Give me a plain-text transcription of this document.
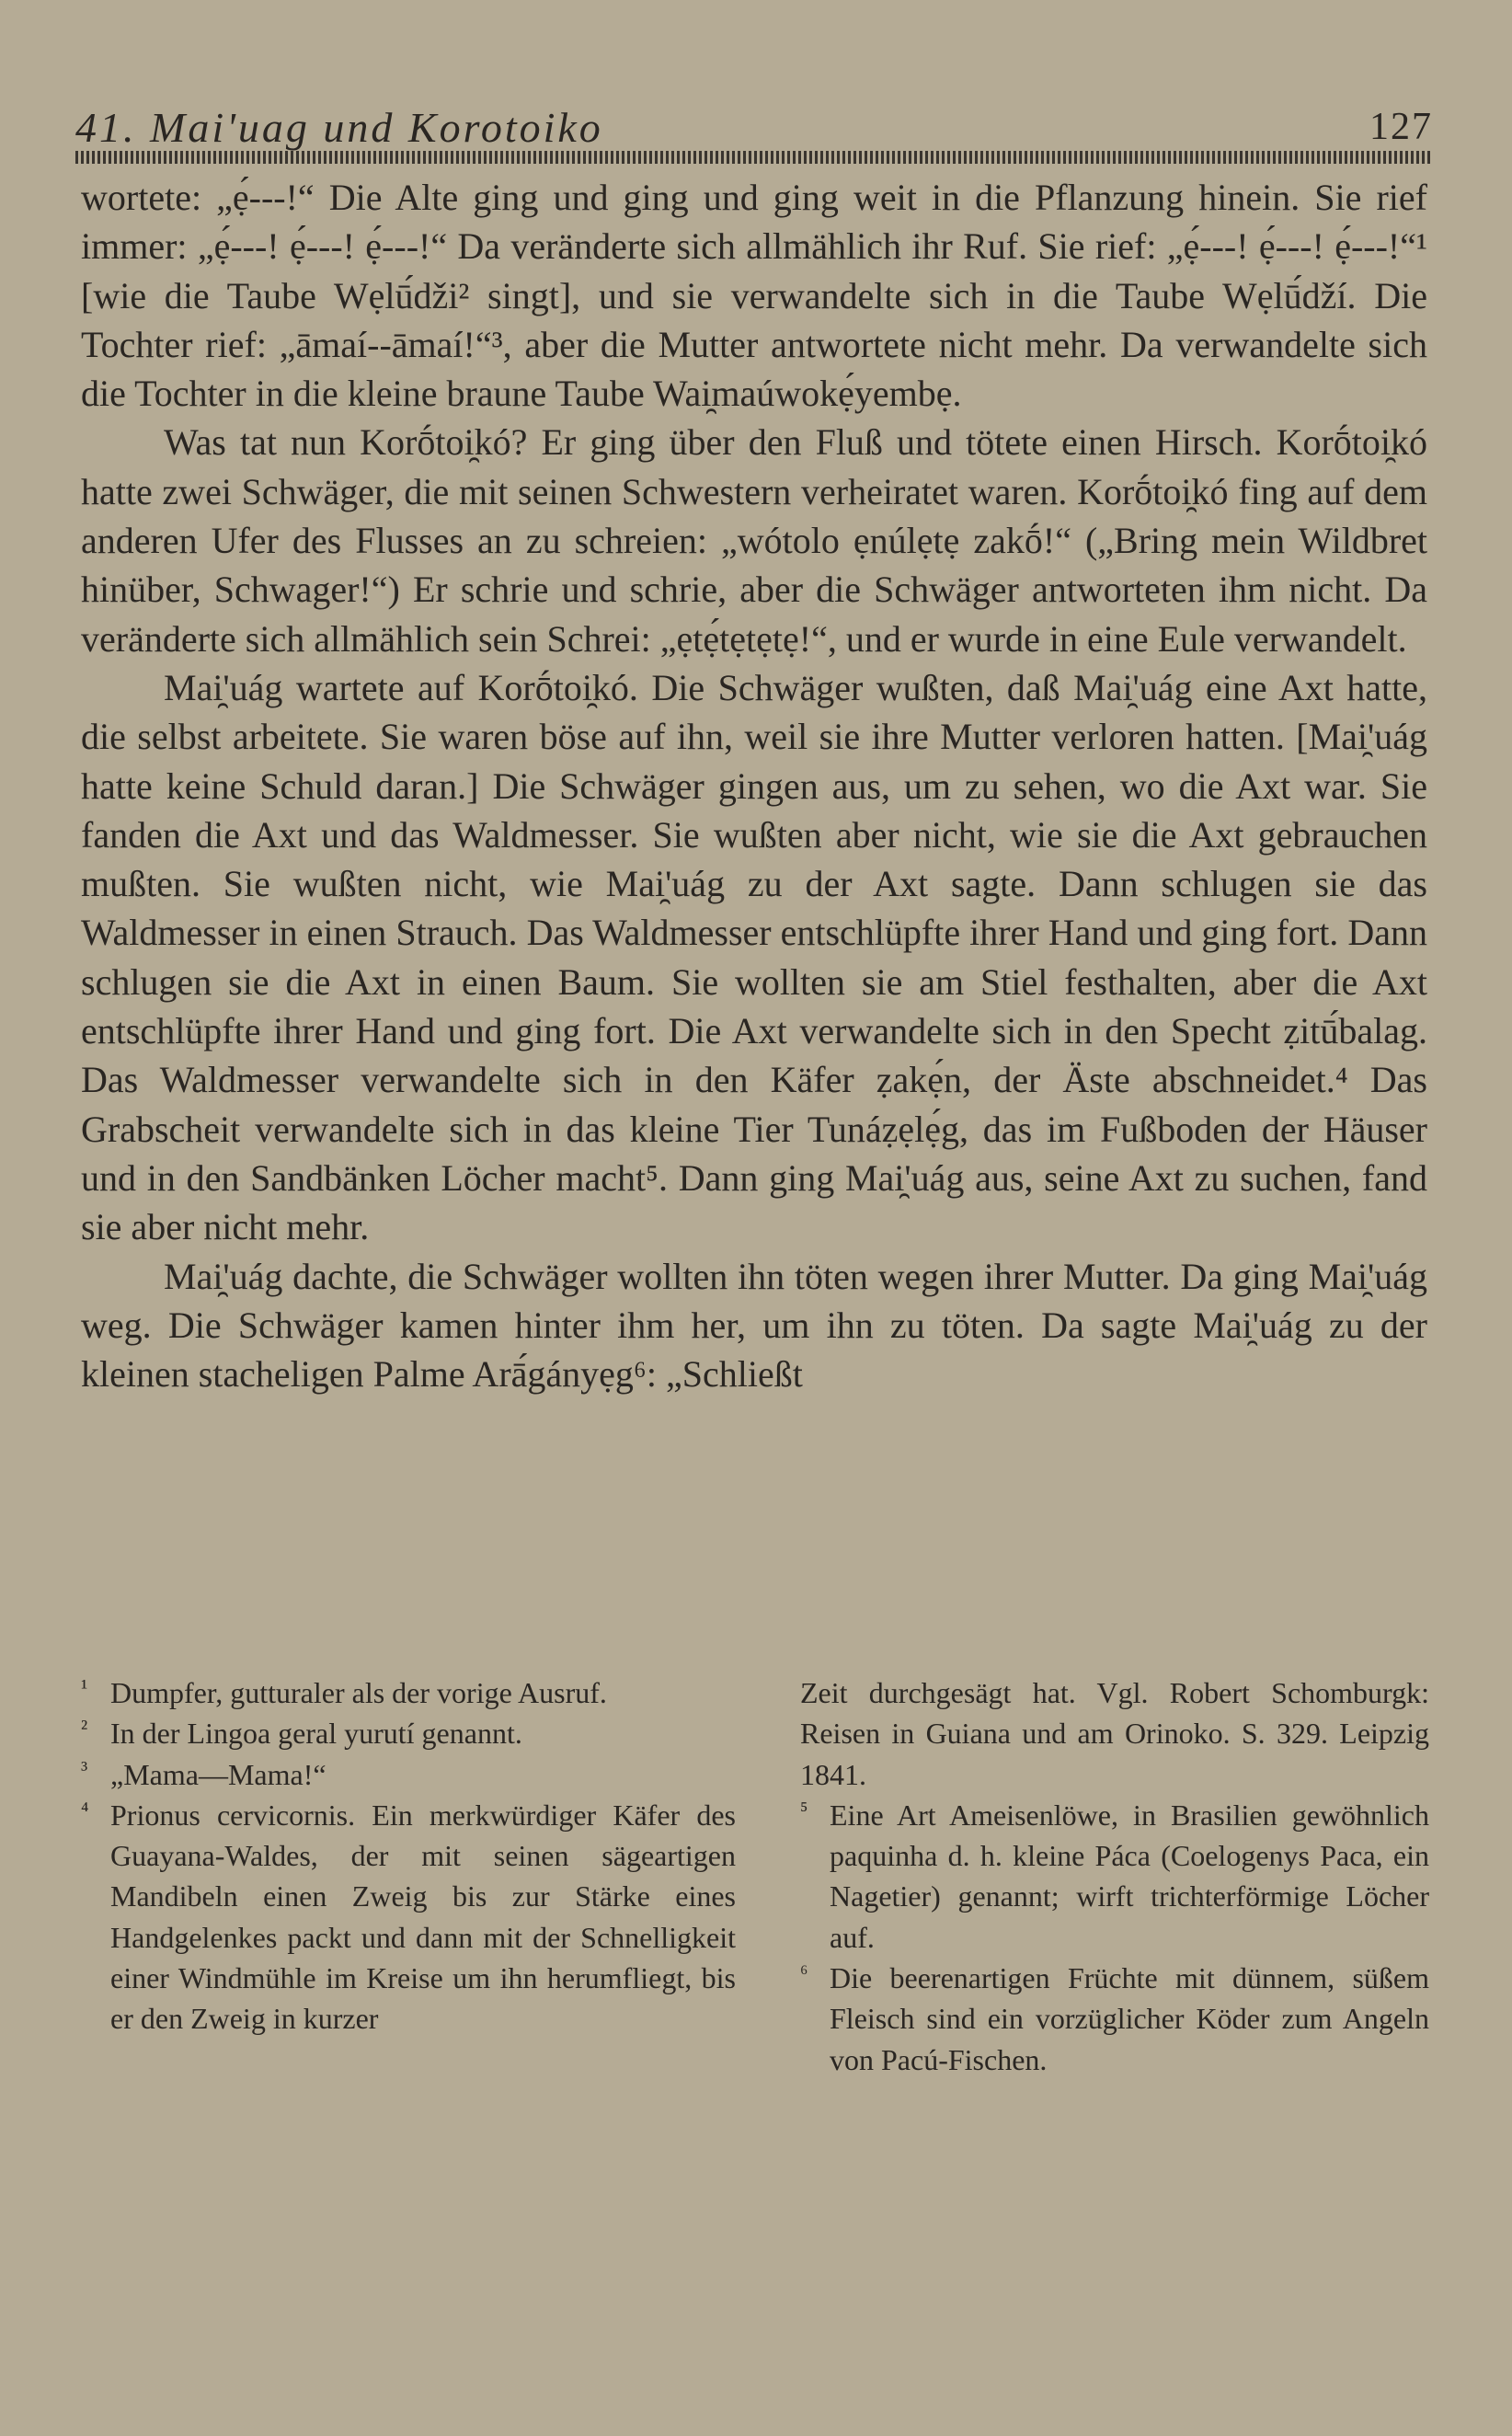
41. Mai'uag und Korotoiko	127

wortete: „ẹ́---!“ Die Alte ging und ging und ging weit in die Pflanzung hinein. Sie rief immer: „ẹ́---! ẹ́---! ẹ́---!“ Da veränderte sich allmählich ihr Ruf. Sie rief: „ẹ́---! ẹ́---! ẹ́---!“¹ [wie die Taube Wẹlū́dži² singt], und sie verwandelte sich in die Taube Wẹlū́dží. Die Tochter rief: „āmaí--āmaí!“³, aber die Mutter antwortete nicht mehr. Da verwandelte sich die Tochter in die kleine braune Taube Wai̯maúwokẹ́yembẹ.

Was tat nun Korṓtoi̯kó? Er ging über den Fluß und tötete einen Hirsch. Korṓtoi̯kó hatte zwei Schwäger, die mit seinen Schwestern verheiratet waren. Korṓtoi̯kó fing auf dem anderen Ufer des Flusses an zu schreien: „wótolo ẹnúlẹtẹ zakṓ!“ („Bring mein Wildbret hinüber, Schwager!“) Er schrie und schrie, aber die Schwäger antworteten ihm nicht. Da veränderte sich allmählich sein Schrei: „ẹtẹ́tẹtẹtẹ!“, und er wurde in eine Eule verwandelt.

Mai̯'uág wartete auf Korṓtoi̯kó. Die Schwäger wußten, daß Mai̯'uág eine Axt hatte, die selbst arbeitete. Sie waren böse auf ihn, weil sie ihre Mutter verloren hatten. [Mai̯'uág hatte keine Schuld daran.] Die Schwäger gingen aus, um zu sehen, wo die Axt war. Sie fanden die Axt und das Waldmesser. Sie wußten aber nicht, wie sie die Axt gebrauchen mußten. Sie wußten nicht, wie Mai̯'uág zu der Axt sagte. Dann schlugen sie das Waldmesser in einen Strauch. Das Waldmesser entschlüpfte ihrer Hand und ging fort. Dann schlugen sie die Axt in einen Baum. Sie wollten sie am Stiel festhalten, aber die Axt entschlüpfte ihrer Hand und ging fort. Die Axt verwandelte sich in den Specht ẓitū́balag. Das Waldmesser verwandelte sich in den Käfer ẓakẹ́n, der Äste abschneidet.⁴ Das Grabscheit verwandelte sich in das kleine Tier Tunáẓẹlẹ́g, das im Fußboden der Häuser und in den Sandbänken Löcher macht⁵. Dann ging Mai̯'uág aus, seine Axt zu suchen, fand sie aber nicht mehr.

Mai̯'uág dachte, die Schwäger wollten ihn töten wegen ihrer Mutter. Da ging Mai̯'uág weg. Die Schwäger kamen hinter ihm her, um ihn zu töten. Da sagte Mai̯'uág zu der kleinen stacheligen Palme Arā́gányẹg⁶: „Schließt

¹ Dumpfer, gutturaler als der vorige Ausruf.
² In der Lingoa geral yurutí genannt.
³ „Mama—Mama!“
⁴ Prionus cervicornis. Ein merkwürdiger Käfer des Guayana-Waldes, der mit seinen sägeartigen Mandibeln einen Zweig bis zur Stärke eines Handgelenkes packt und dann mit der Schnelligkeit einer Windmühle im Kreise um ihn herumfliegt, bis er den Zweig in kurzer

Zeit durchgesägt hat. Vgl. Robert Schomburgk: Reisen in Guiana und am Orinoko. S. 329. Leipzig 1841.

⁵ Eine Art Ameisenlöwe, in Brasilien gewöhnlich paquinha d. h. kleine Páca (Coelogenys Paca, ein Nagetier) genannt; wirft trichterförmige Löcher auf.
⁶ Die beerenartigen Früchte mit dünnem, süßem Fleisch sind ein vorzüglicher Köder zum Angeln von Pacú-Fischen.
